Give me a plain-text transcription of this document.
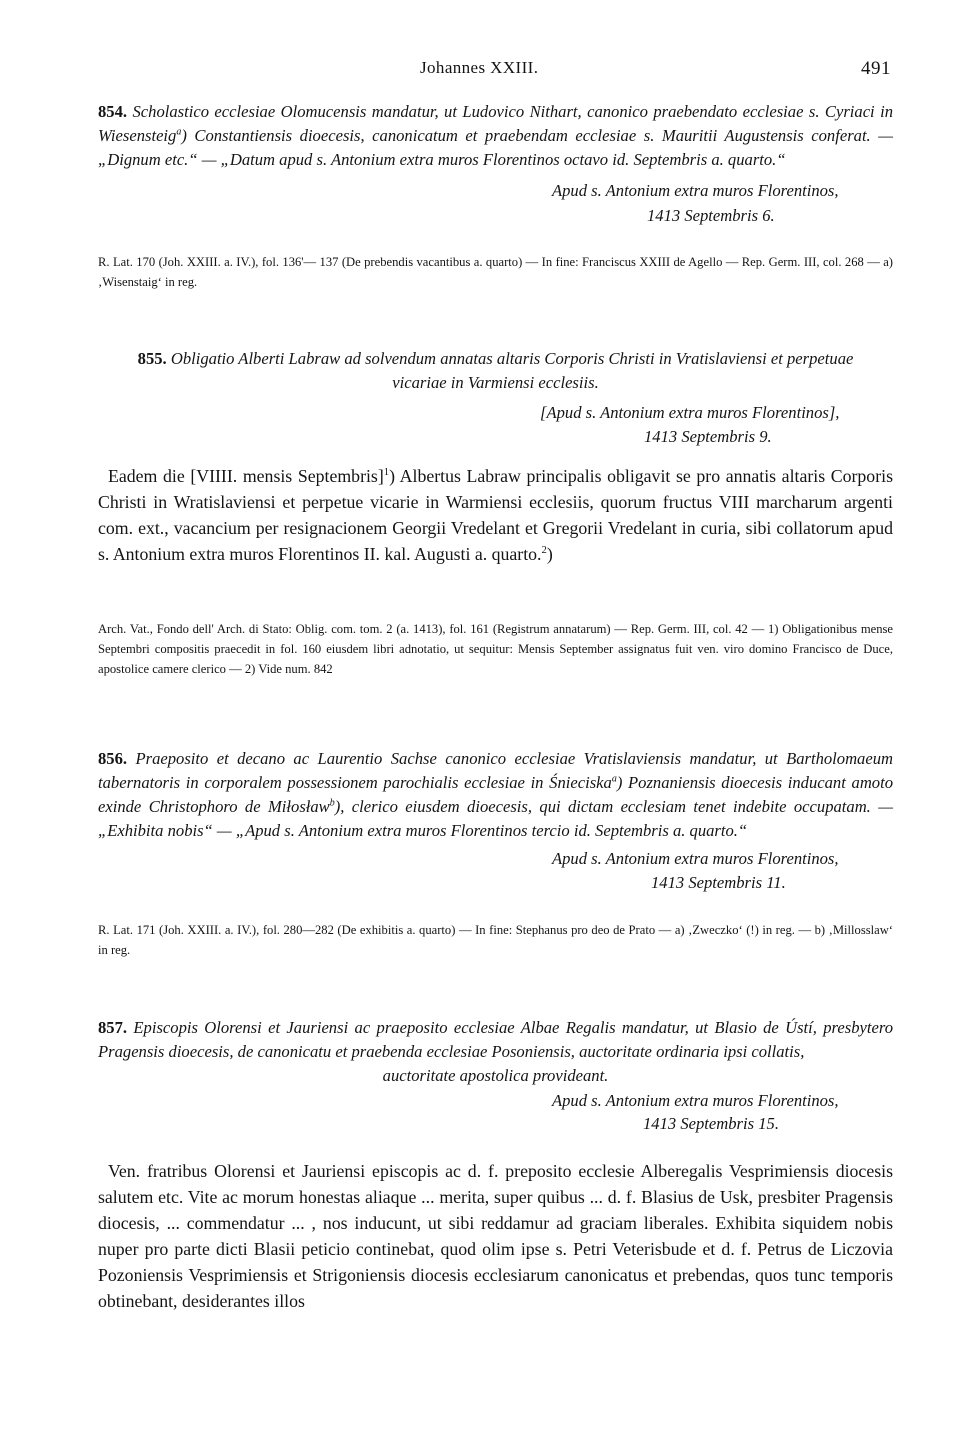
Johannes XXIII.	491

854. Scholastico ecclesiae Olomucensis mandatur, ut Ludovico Nithart, canonico praebendato ecclesiae s. Cyriaci in Wiesensteig$^a$) Constantiensis dioecesis, canonicatum et praebendam ecclesiae s. Mauritii Augustensis conferat. — „Dignum etc.“ — „Datum apud s. Antonium extra muros Florentinos octavo id. Septembris a. quarto.“

Apud s. Antonium extra muros Florentinos,
1413 Septembris 6.

R. Lat. 170 (Joh. XXIII. a. IV.), fol. 136'— 137 (De prebendis vacantibus a. quarto) — In fine: Franciscus XXIII de Agello — Rep. Germ. III, col. 268 — a) ‚Wisenstaig‘ in reg.

855. Obligatio Alberti Labraw ad solvendum annatas altaris Corporis Christi in Vratislaviensi et perpetuae
vicariae in Varmiensi ecclesiis.

[Apud s. Antonium extra muros Florentinos],
1413 Septembris 9.

Eadem die [VIIII. mensis Septembris]$^1$) Albertus Labraw principalis obligavit se pro annatis altaris Corporis Christi in Wratislaviensi et perpetue vicarie in Warmiensi ecclesiis, quorum fructus VIII marcharum argenti com. ext., vacancium per resignacionem Georgii Vredelant et Gregorii Vredelant in curia, sibi collatorum apud s. Antonium extra muros Florentinos II. kal. Augusti a. quarto.$^2$)

Arch. Vat., Fondo dell' Arch. di Stato: Oblig. com. tom. 2 (a. 1413), fol. 161 (Registrum annatarum) — Rep. Germ. III, col. 42 — 1) Obligationibus mense Septembri compositis praecedit in fol. 160 eiusdem libri adnotatio, ut sequitur: Mensis September assignatus fuit ven. viro domino Francisco de Duce, apostolice camere clerico — 2) Vide num. 842

856. Praeposito et decano ac Laurentio Sachse canonico ecclesiae Vratislaviensis mandatur, ut Bartholomaeum tabernatoris in corporalem possessionem parochialis ecclesiae in Śnieciska$^a$) Poznaniensis dioecesis inducant amoto exinde Christophoro de Miłosław$^b$), clerico eiusdem dioecesis, qui dictam ecclesiam tenet indebite occupatam. — „Exhibita nobis“ — „Apud s. Antonium extra muros Florentinos tercio id. Septembris a. quarto.“

Apud s. Antonium extra muros Florentinos,
1413 Septembris 11.

R. Lat. 171 (Joh. XXIII. a. IV.), fol. 280—282 (De exhibitis a. quarto) — In fine: Stephanus pro deo de Prato — a) ‚Zweczko‘ (!) in reg. — b) ‚Millosslaw‘ in reg.

857. Episcopis Olorensi et Jauriensi ac praeposito ecclesiae Albae Regalis mandatur, ut Blasio de Ústí, presbytero Pragensis dioecesis, de canonicatu et praebenda ecclesiae Posoniensis, auctoritate ordinaria ipsi collatis,

auctoritate apostolica provideant.

Apud s. Antonium extra muros Florentinos,
1413 Septembris 15.

Ven. fratribus Olorensi et Jauriensi episcopis ac d. f. preposito ecclesie Alberegalis Vesprimiensis diocesis salutem etc. Vite ac morum honestas aliaque ... merita, super quibus ... d. f. Blasius de Usk, presbiter Pragensis diocesis, ... commendatur ... , nos inducunt, ut sibi reddamur ad graciam liberales. Exhibita siquidem nobis nuper pro parte dicti Blasii peticio continebat, quod olim ipse s. Petri Veterisbude et d. f. Petrus de Liczovia Pozoniensis Vesprimiensis et Strigoniensis diocesis ecclesiarum canonicatus et prebendas, quos tunc temporis obtinebant, desiderantes illos
